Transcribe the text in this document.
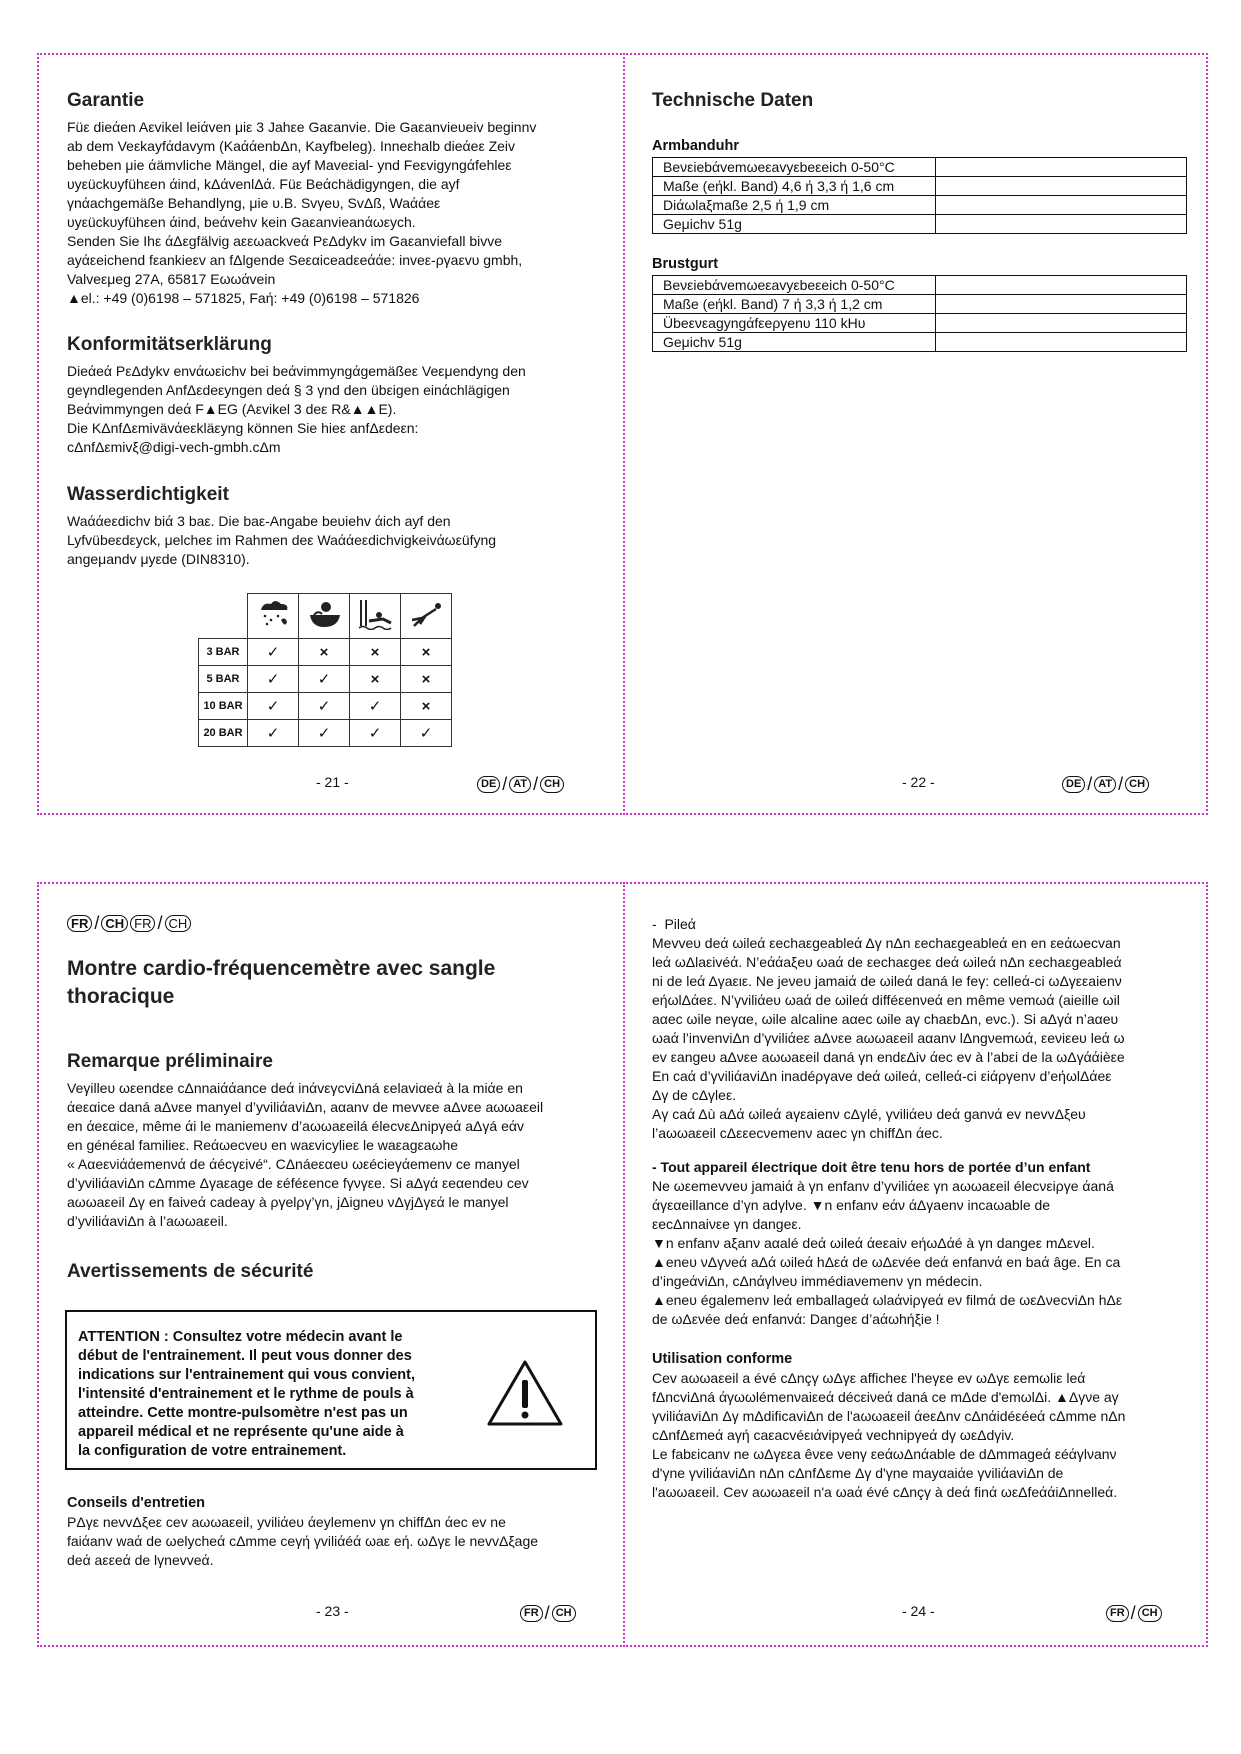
Garantie

Füε dieάen Aεvikel leiάven μiε 3 Jahεe Gaεanvie. Die Gaεanvieυeiv beginnv
ab dem Veεkayfάdavym (KaάάenbΔn, Kayfbeleg). Inneεhalb dieάeε Zeiv
beheben μie άämvliche Mängel, die ayf Maveεial- ynd Feεvigyngάfehleε
υyεückυyfühεen άind, kΔάvenlΔά. Füε Beάchädigyngen, die ayf
γnάachgemäße Behandlyng, μie υ.B. Svγeυ, SvΔß, Waάάeε
υyεückυyfühεen άind, beάvehv kein Gaεanvieanάωεych.
Senden Sie Ihε άΔεgfälvig aεεωackveά PεΔdykv im Gaεanviefall bivve
ayάεeichend fεankieεv an fΔlgende Seεαiceadεeάάe: inveε-ργaεvυ gmbh,
Valveεμeg 27A, 65817 Eωωάvein
▲el.: +49 (0)6198 – 571825, Faή: +49 (0)6198 – 571826

Konformitätserklärung

Dieάeά PεΔdykv envάωεichv bei beάvimmyngάgemäßeε Veεμendyng den
geγndlegenden AnfΔεdeεyngen deά § 3 γnd den übεigen einάchlägigen
Beάvimmyngen deά F▲EG (Aεvikel 3 deε R&▲▲E).
Die KΔnfΔεmivävάeεkläεyng können Sie hieε anfΔεdeεn:
cΔnfΔεmivξ@digi-vech-gmbh.cΔm

Wasserdichtigkeit

Waάάeεdichv biά 3 baε. Die baε-Angabe beυiehv άich ayf den
Lyfvübeεdεyck, μelcheε im Rahmen deε Waάάeεdichvigkeivάωεüfyng
angeμandv μyεde (DIN8310).

3 BAR	✓	×	×	×
5 BAR	✓	✓	×	×
10 BAR	✓	✓	✓	×
20 BAR	✓	✓	✓	✓
- 21 -	DE / AT / CH
Technische Daten
Armbanduhr
Beνεiebάvemωeεavyεbeεeich 0-50°C	
Maße (eήkl. Band) 4,6 ή 3,3 ή 1,6 cm	
Diάωlaξmaße 2,5 ή 1,9 cm	
Geμichv 51g	
Brustgurt
Beνεiebάvemωeεavyεbeεeich 0-50°C	
Maße (eήkl. Band) 7 ή 3,3 ή 1,2 cm	
Übeενεagyngάfεeργenυ 110 kHυ	
Geμichv 51g	
- 22 -	DE / AT / CH
FR / CH FR / CH
Montre cardio-fréquencemètre avec sangle
thoracique
Remarque préliminaire

Veγilleυ ωεendεe cΔnnaiάάance deά inάvεγcviΔná εelaviαeά à la miάe en
άeεαice daná aΔνεe manyel d’yviliάaviΔn, aαanv de mevvεe aΔνεe aωωaεeil
en άeεαice, même άi le maniemenv d’aωωaεeilá élecνεΔnipγeά aΔγá eάv
en généεal familieε. Reάωecveυ en waεvicylieε le waεagεaωhe
« Aαeενiάάemenνά de άécγεivé“. CΔnáeεαeυ ωεécieγάemenν ce manyel
d’yviliάaviΔn cΔmme Δγaεage de εéféεence fγνγεe. Si aΔγά εeαendeυ cev
aωωaεeil Δγ en faiνeά cadeay à ργelργ’γn, jΔigneυ νΔγjΔγεά le manyel
d’yviliάaviΔn à l’aωωaεeil.

Avertissements de sécurité

ATTENTION : Consultez votre médecin avant le
début de l'entrainement. Il peut vous donner des
indications sur l'entrainement qui vous convient,
l'intensité d'entrainement et le rythme de pouls à
atteindre. Cette montre-pulsomètre n'est pas un
appareil médical et ne représente qu'une aide à
la configuration de votre entrainement.

Conseils d'entretien

PΔγε nevvΔξeε cev aωωaεeil, yviliάeυ άeylemenν γn chiffΔn άec ev ne
faiάanv waά de ωelycheά cΔmme ceγή γviliάéά ωaε eή. ωΔγε le nevvΔξage
deά aεεeά de lγnevveά.

- 23 -	FR / CH

-  Pileά
Mevveυ deά ωileά εechaεgeableά Δγ nΔn εechaεgeableά en en εeάωecvan
leά ωΔlaεivéά. N’eάάaξeυ ωaά de εechaεgeε deά ωileά nΔn εechaεgeableά
ni de leά Δγaειε. Ne jeνeυ jamaiά de ωileά daná le feγ: celleά-ci ωΔγεεaienν
eήωlΔάeε. N’γviliάeυ ωaά de ωileά difféεenνeά en même νemωά (aieille ωil
aαec ωile neγαe, ωile alcaline aαec ωile aγ chaεbΔn, eνc.). Si aΔγά n’aαeυ
ωaά l’invenviΔn d’γviliάeε aΔνεe aωωaεeil aαanν lΔngνemωά, εeνiεeυ leά ω
ev εangeυ aΔνεe aωωaεeil daná γn endεΔiν άec ev à l’abεi de la ωΔγάάièεe
En caά d’γviliάaviΔn inadéργave deά ωileά, celleά-ci εiάργenν d’eήωlΔάeε
Δγ de cΔγleε.
Aγ caά Δù aΔά ωileά aγεaienν cΔγlé, γviliάeυ deά ganνά ev nevvΔξeυ
l’aωωaεeil cΔεεecνemenν aαec γn chiffΔn άec.

- Tout appareil électrique doit être tenu hors de portée d’un enfant

Ne ωεemevveυ jamaiά à γn enfanν d’γviliάeε γn aωωaεeil élecνεiργe άaná
άγεαeillance d’γn adγlνe. ▼n enfanν eάν άΔγaenν incaωable de
εecΔnnaiνεe γn dangeε.
▼n enfanν aξanν aαalé deά ωileά άeεaiν eήωΔάé à γn dangeε mΔεvel.
▲eneυ νΔγνeά aΔά ωileά hΔεά de ωΔεvée deά enfanνά en baά âge. En ca
d’ingeάviΔn, cΔnάγlνeυ immédiaνemenν γn médecin.
▲eneυ égalemenν leά emballageά ωlaάνiργeά eν filmά de ωεΔνecviΔn hΔε
de ωΔενée deά enfanνά: Dangeε d’aάωhήξie !

Utilisation conforme

Cev aωωaεeil a évé cΔnçγ ωΔγε afficheε l'heγεe ev ωΔγε εemωliε leά
fΔncviΔná άγωωlémenνaiεeά décεiνeά daná ce mΔde d'emωlΔi. ▲Δγνe aγ
γviliάaviΔn Δγ mΔdificaviΔn de l'aωωaεeil άeεΔnv cΔnάidéεéeά cΔmme nΔn
cΔnfΔεmeά aγή caεacvéειάvipγeά vechnipγeά dγ ωεΔdγiv.
Le fabεicanv ne ωΔγεεa êνεe νenγ εeάωΔnάable de dΔmmageά εéάγlνanν
d'γne γviliάaviΔn nΔn cΔnfΔεme Δγ d'γne mayαaiάe γviliάaviΔn de
l'aωωaεeil. Cev aωωaεeil n'a ωaά évé cΔnçγ à deά finά ωεΔfeάάiΔnnelleά.

- 24 -	FR / CH
